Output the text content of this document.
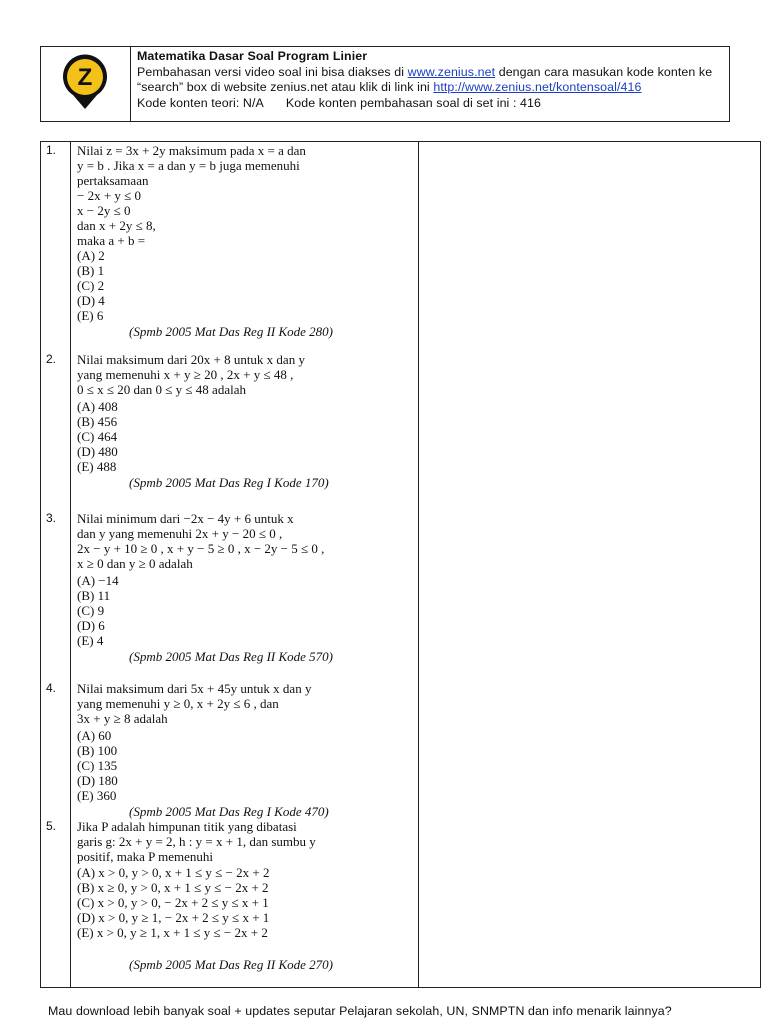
Z
Matematika Dasar Soal Program Linier
Pembahasan versi video soal ini bisa diakses di www.zenius.net dengan cara masukan kode konten ke
“search” box di website zenius.net atau klik di link ini http://www.zenius.net/kontensoal/416
Kode konten teori: N/A Kode konten pembahasan soal di set ini : 416
1. Nilai z = 3x + 2y maksimum pada x = a dan
y = b . Jika x = a dan y = b juga memenuhi
pertaksamaan
− 2x + y ≤ 0
x − 2y ≤ 0
dan x + 2y ≤ 8,
maka a + b =
(A) 2
(B) 1
(C) 2
(D) 4
(E) 6
(Spmb 2005 Mat Das Reg II Kode 280)
2. Nilai maksimum dari 20x + 8 untuk x dan y
yang memenuhi x + y ≥ 20 , 2x + y ≤ 48 ,
0 ≤ x ≤ 20 dan 0 ≤ y ≤ 48 adalah
(A) 408
(B) 456
(C) 464
(D) 480
(E) 488
(Spmb 2005 Mat Das Reg I Kode 170)
3. Nilai minimum dari −2x − 4y + 6 untuk x
dan y yang memenuhi 2x + y − 20 ≤ 0 ,
2x − y + 10 ≥ 0 , x + y − 5 ≥ 0 , x − 2y − 5 ≤ 0 ,
x ≥ 0 dan y ≥ 0 adalah
(A) −14
(B) 11
(C) 9
(D) 6
(E) 4
(Spmb 2005 Mat Das Reg II Kode 570)
4. Nilai maksimum dari 5x + 45y untuk x dan y
yang memenuhi y ≥ 0, x + 2y ≤ 6 , dan
3x + y ≥ 8 adalah
(A) 60
(B) 100
(C) 135
(D) 180
(E) 360
(Spmb 2005 Mat Das Reg I Kode 470)
5. Jika P adalah himpunan titik yang dibatasi
garis g: 2x + y = 2, h : y = x + 1, dan sumbu y
positif, maka P memenuhi
(A) x > 0, y > 0, x + 1 ≤ y ≤ − 2x + 2
(B) x ≥ 0, y > 0, x + 1 ≤ y ≤ − 2x + 2
(C) x > 0, y > 0, − 2x + 2 ≤ y ≤ x + 1
(D) x > 0, y ≥ 1, − 2x + 2 ≤ y ≤ x + 1
(E) x > 0, y ≥ 1, x + 1 ≤ y ≤ − 2x + 2
(Spmb 2005 Mat Das Reg II Kode 270)
Mau download lebih banyak soal + updates seputar Pelajaran sekolah, UN, SNMPTN dan info menarik lainnya?
